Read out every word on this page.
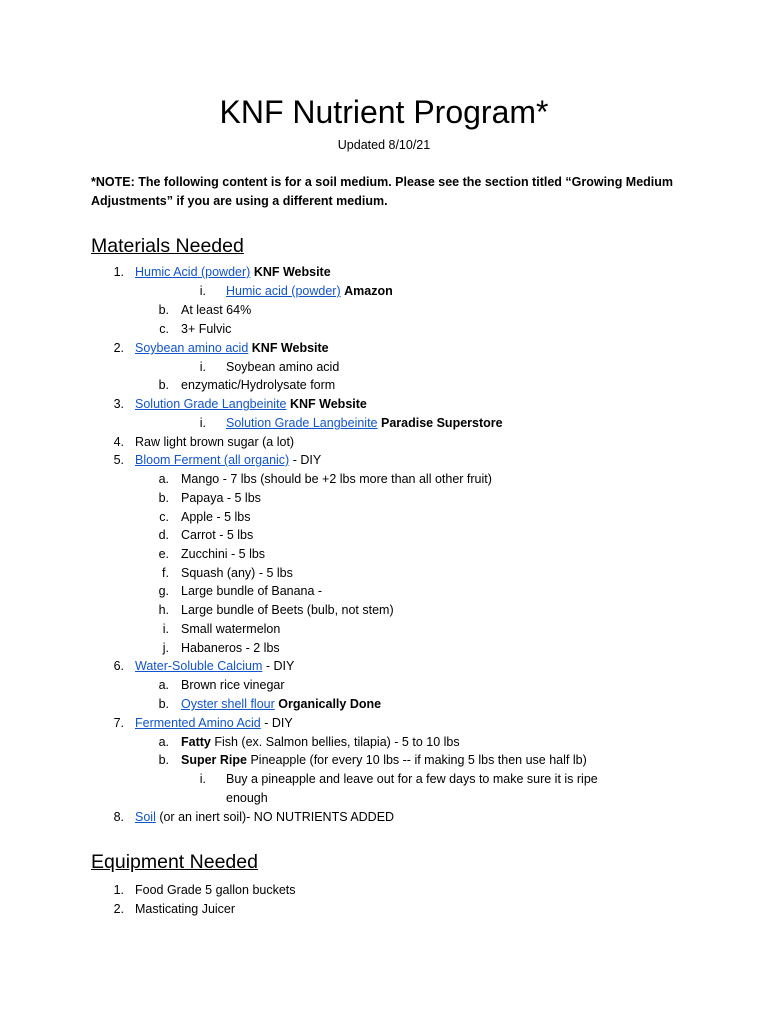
KNF Nutrient Program*
Updated 8/10/21
*NOTE: The following content is for a soil medium. Please see the section titled “Growing Medium Adjustments” if you are using a different medium.
Materials Needed
1. Humic Acid (powder) KNF Website
i. Humic acid (powder) Amazon
b. At least 64%
c. 3+ Fulvic
2. Soybean amino acid KNF Website
i. Soybean amino acid
b. enzymatic/Hydrolysate form
3. Solution Grade Langbeinite KNF Website
i. Solution Grade Langbeinite Paradise Superstore
4. Raw light brown sugar (a lot)
5. Bloom Ferment (all organic) - DIY
a. Mango - 7 lbs (should be +2 lbs more than all other fruit)
b. Papaya - 5 lbs
c. Apple - 5 lbs
d. Carrot - 5 lbs
e. Zucchini - 5 lbs
f. Squash (any) - 5 lbs
g. Large bundle of Banana -
h. Large bundle of Beets (bulb, not stem)
i. Small watermelon
j. Habaneros - 2 lbs
6. Water-Soluble Calcium - DIY
a. Brown rice vinegar
b. Oyster shell flour Organically Done
7. Fermented Amino Acid - DIY
a. Fatty Fish (ex. Salmon bellies, tilapia) - 5 to 10 lbs
b. Super Ripe Pineapple (for every 10 lbs -- if making 5 lbs then use half lb)
i. Buy a pineapple and leave out for a few days to make sure it is ripe
enough
8. Soil (or an inert soil)- NO NUTRIENTS ADDED
Equipment Needed
1. Food Grade 5 gallon buckets
2. Masticating Juicer
